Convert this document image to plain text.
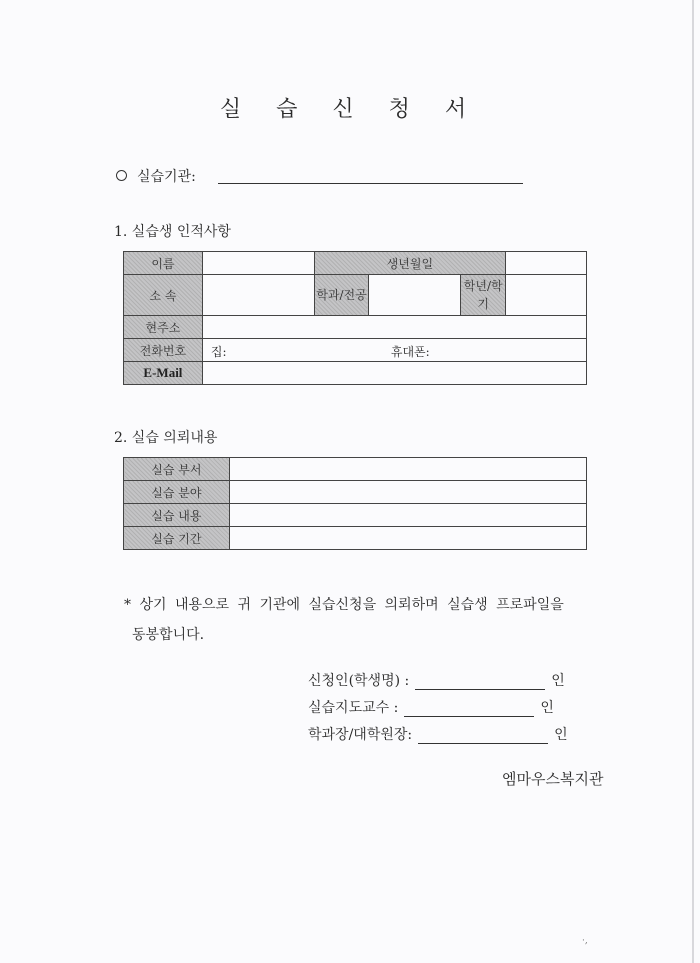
실 습 신 청 서
실습기관:
1. 실습생 인적사항
이름		생년월일			
소 속		학과/전공		학년/학기	
현주소					
전화번호	집: 휴대폰:				

E-Mail					
2. 실습 의뢰내용
실습 부서	
실습 분야	
실습 내용	
실습 기간	
* 상기 내용으로 귀 기관에 실습신청을 의뢰하며 실습생 프로파일을
동봉합니다.
신청인(학생명) :	인
실습지도교수 :	인
학과장/대학원장:	인
엠마우스복지관
·,
